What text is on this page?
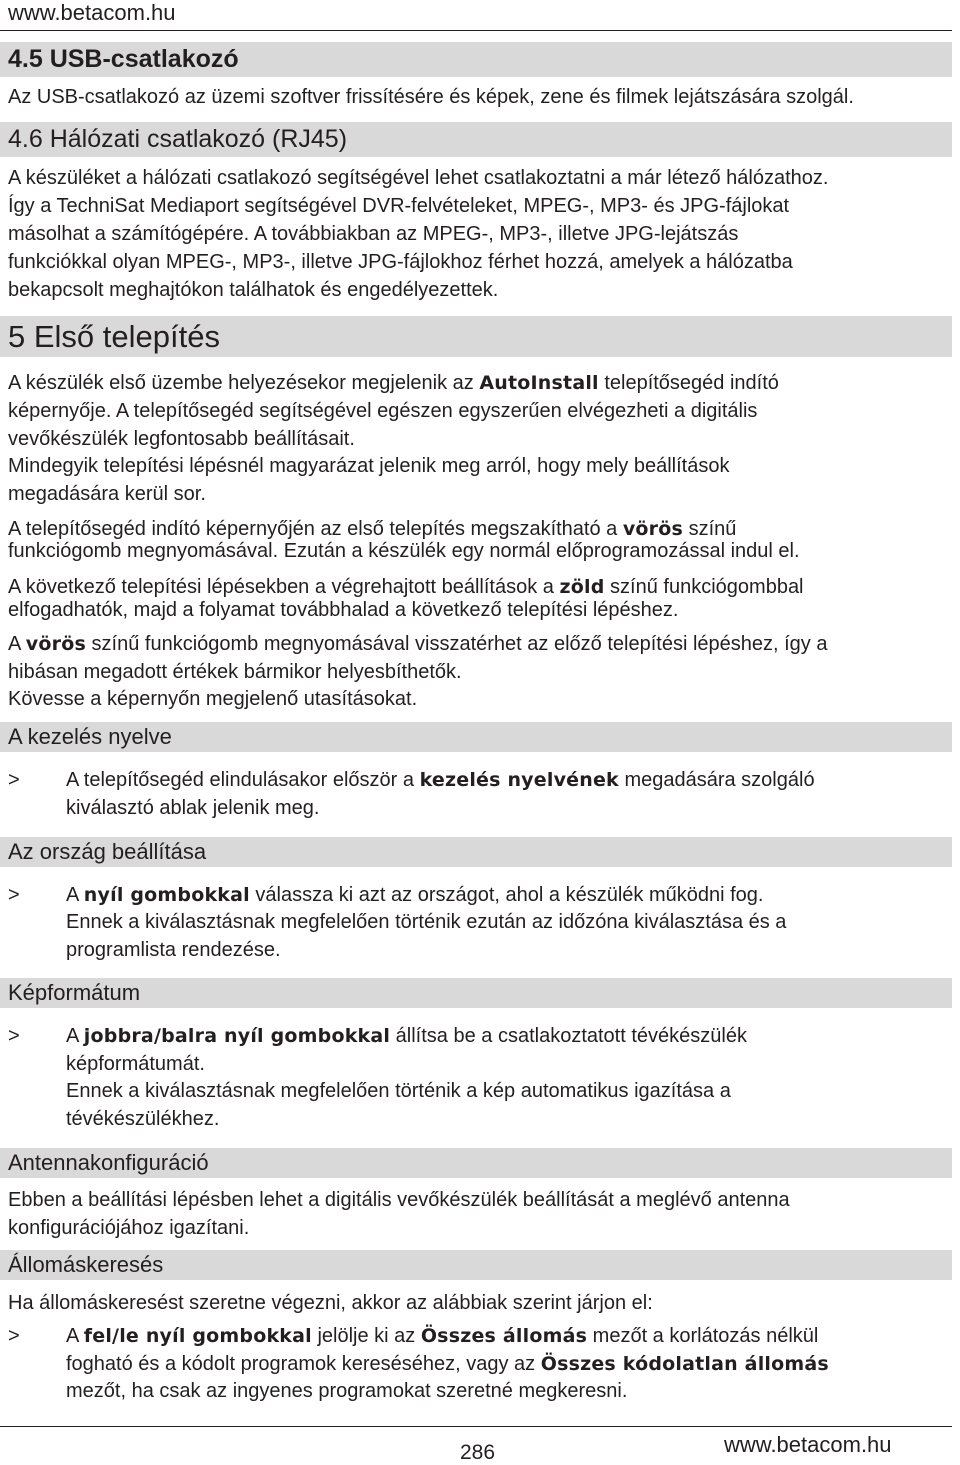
www.betacom.hu
4.5 USB-csatlakozó

Az USB-csatlakozó az üzemi szoftver frissítésére és képek, zene és filmek lejátszására szolgál.

4.6 Hálózati csatlakozó (RJ45)

A készüléket a hálózati csatlakozó segítségével lehet csatlakoztatni a már létező hálózathoz.

Így a TechniSat Mediaport segítségével DVR-felvételeket, MPEG-, MP3- és JPG-fájlokat

másolhat a számítógépére. A továbbiakban az MPEG-, MP3-, illetve JPG-lejátszás

funkciókkal olyan MPEG-, MP3-, illetve JPG-fájlokhoz férhet hozzá, amelyek a hálózatba

bekapcsolt meghajtókon találhatok és engedélyezettek.

5 Első telepítés

A készülék első üzembe helyezésekor megjelenik az AutoInstall telepítősegéd indító

képernyője. A telepítősegéd segítségével egészen egyszerűen elvégezheti a digitális

vevőkészülék legfontosabb beállításait.

Mindegyik telepítési lépésnél magyarázat jelenik meg arról, hogy mely beállítások

megadására kerül sor.

A telepítősegéd indító képernyőjén az első telepítés megszakítható a vörös színű

funkciógomb megnyomásával. Ezután a készülék egy normál előprogramozással indul el.

A következő telepítési lépésekben a végrehajtott beállítások a zöld színű funkciógombbal

elfogadhatók, majd a folyamat továbbhalad a következő telepítési lépéshez.

A vörös színű funkciógomb megnyomásával visszatérhet az előző telepítési lépéshez, így a

hibásan megadott értékek bármikor helyesbíthetők.

Kövesse a képernyőn megjelenő utasításokat.

A kezelés nyelve
> A telepítősegéd elindulásakor először a kezelés nyelvének megadására szolgáló
kiválasztó ablak jelenik meg.
Az ország beállítása
> A nyíl gombokkal válassza ki azt az országot, ahol a készülék működni fog.
Ennek a kiválasztásnak megfelelően történik ezután az időzóna kiválasztása és a
programlista rendezése.
Képformátum
> A jobbra/balra nyíl gombokkal állítsa be a csatlakoztatott tévékészülék
képformátumát.
Ennek a kiválasztásnak megfelelően történik a kép automatikus igazítása a
tévékészülékhez.
Antennakonfiguráció

Ebben a beállítási lépésben lehet a digitális vevőkészülék beállítását a meglévő antenna

konfigurációjához igazítani.

Állomáskeresés

Ha állomáskeresést szeretne végezni, akkor az alábbiak szerint járjon el:

> A fel/le nyíl gombokkal jelölje ki az Összes állomás mezőt a korlátozás nélkül
fogható és a kódolt programok kereséséhez, vagy az Összes kódolatlan állomás
mezőt, ha csak az ingyenes programokat szeretné megkeresni.
286	www.betacom.hu
